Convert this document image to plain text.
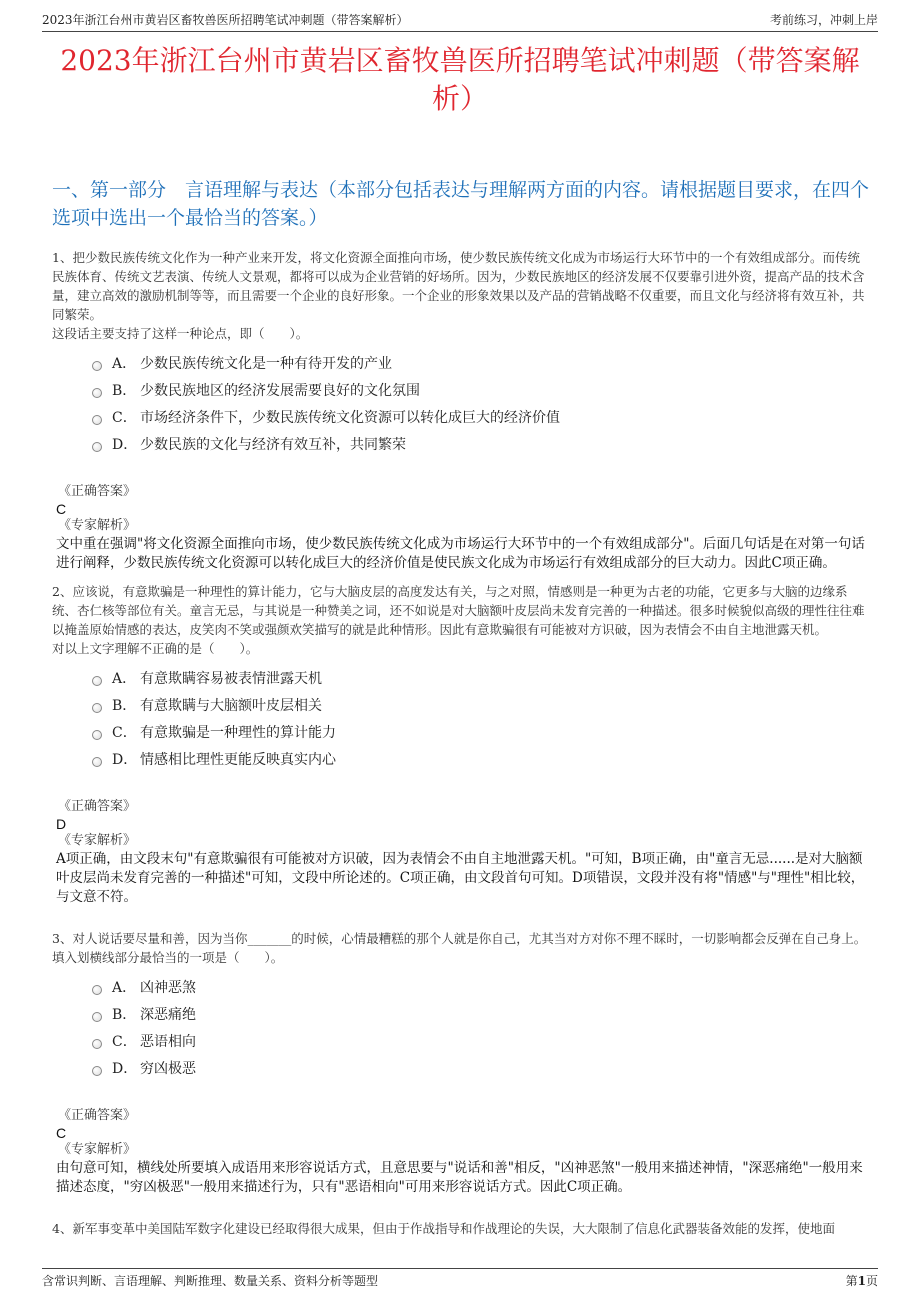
2023年浙江台州市黄岩区畜牧兽医所招聘笔试冲刺题（带答案解析）	考前练习，冲刺上岸
2023年浙江台州市黄岩区畜牧兽医所招聘笔试冲刺题（带答案解析）
一、第一部分　言语理解与表达（本部分包括表达与理解两方面的内容。请根据题目要求，在四个选项中选出一个最恰当的答案。）

1、把少数民族传统文化作为一种产业来开发，将文化资源全面推向市场，使少数民族传统文化成为市场运行大环节中的一个有效组成部分。而传统民族体育、传统文艺表演、传统人文景观，都将可以成为企业营销的好场所。因为，少数民族地区的经济发展不仅要靠引进外资，提高产品的技术含量，建立高效的激励机制等等，而且需要一个企业的良好形象。一个企业的形象效果以及产品的营销战略不仅重要，而且文化与经济将有效互补，共同繁荣。

这段话主要支持了这样一种论点，即（　　）。

A． 少数民族传统文化是一种有待开发的产业
B． 少数民族地区的经济发展需要良好的文化氛围
C． 市场经济条件下，少数民族传统文化资源可以转化成巨大的经济价值
D． 少数民族的文化与经济有效互补，共同繁荣

《正确答案》

C

《专家解析》

文中重在强调"将文化资源全面推向市场，使少数民族传统文化成为市场运行大环节中的一个有效组成部分"。后面几句话是在对第一句话进行阐释，少数民族传统文化资源可以转化成巨大的经济价值是使民族文化成为市场运行有效组成部分的巨大动力。因此C项正确。

2、应该说，有意欺骗是一种理性的算计能力，它与大脑皮层的高度发达有关，与之对照，情感则是一种更为古老的功能，它更多与大脑的边缘系统、杏仁核等部位有关。童言无忌，与其说是一种赞美之词，还不如说是对大脑额叶皮层尚未发育完善的一种描述。很多时候貌似高级的理性往往难以掩盖原始情感的表达，皮笑肉不笑或强颜欢笑描写的就是此种情形。因此有意欺骗很有可能被对方识破，因为表情会不由自主地泄露天机。

对以上文字理解不正确的是（　　）。

A． 有意欺瞒容易被表情泄露天机
B． 有意欺瞒与大脑额叶皮层相关
C． 有意欺骗是一种理性的算计能力
D． 情感相比理性更能反映真实内心

《正确答案》

D

《专家解析》

A项正确，由文段末句"有意欺骗很有可能被对方识破，因为表情会不由自主地泄露天机。"可知，B项正确，由"童言无忌......是对大脑额叶皮层尚未发育完善的一种描述"可知，文段中所论述的。C项正确，由文段首句可知。D项错误，文段并没有将"情感"与"理性"相比较，与文意不符。

3、对人说话要尽量和善，因为当你_______的时候，心情最糟糕的那个人就是你自己，尤其当对方对你不理不睬时，一切影响都会反弹在自己身上。

填入划横线部分最恰当的一项是（　　）。

A． 凶神恶煞
B． 深恶痛绝
C． 恶语相向
D． 穷凶极恶

《正确答案》

C

《专家解析》

由句意可知，横线处所要填入成语用来形容说话方式，且意思要与"说话和善"相反，"凶神恶煞"一般用来描述神情，"深恶痛绝"一般用来描述态度，"穷凶极恶"一般用来描述行为，只有"恶语相向"可用来形容说话方式。因此C项正确。

4、新军事变革中美国陆军数字化建设已经取得很大成果，但由于作战指导和作战理论的失误，大大限制了信息化武器装备效能的发挥，使地面

含常识判断、言语理解、判断推理、数量关系、资料分析等题型	第1页
